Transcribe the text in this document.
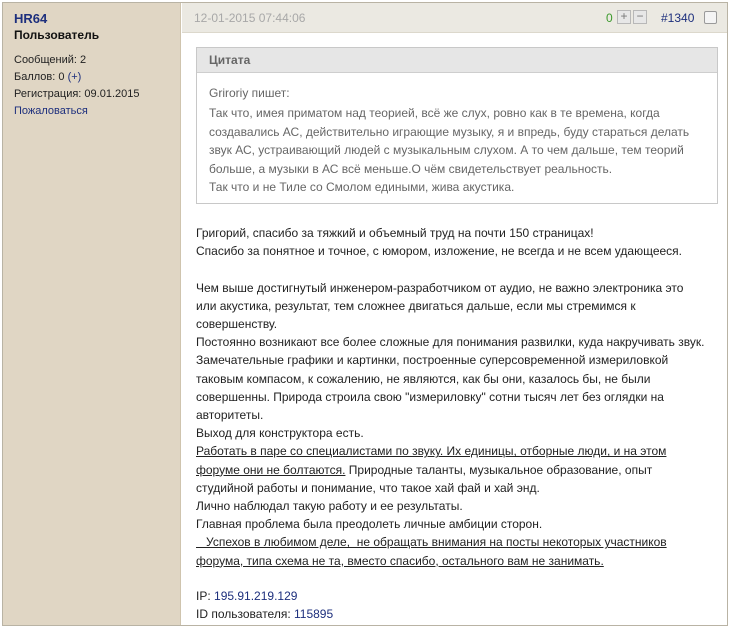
HR64
Пользователь
Сообщений: 2
Баллов: 0 (+)
Регистрация: 09.01.2015
Пожаловаться
12-01-2015 07:44:06	0 + − #1340
Цитата
Griroriy пишет:
Так что, имея приматом над теорией, всё же слух, ровно как в те времена, когда
создавались АС, действительно играющие музыку, я и впредь, буду стараться делать
звук АС, устраивающий людей с музыкальным слухом. А то чем дальше, тем теорий
больше, а музыки в АС всё меньше.О чём свидетельствует реальность.
Так что и не Тиле со Смолом едиными, жива акустика.
Григорий, спасибо за тяжкий и объемный труд на почти 150 страницах!
Спасибо за понятное и точное, с юмором, изложение, не всегда и не всем удающееся.
Чем выше достигнутый инженером-разработчиком от аудио, не важно электроника это
или акустика, результат, тем сложнее двигаться дальше, если мы стремимся к
совершенству.
Постоянно возникают все более сложные для понимания развилки, куда накручивать звук.
Замечательные графики и картинки, построенные суперсовременной измериловкой
таковым компасом, к сожалению, не являются, как бы они, казалось бы, не были
совершенны. Природа строила свою "измериловку" сотни тысяч лет без оглядки на
авторитеты.
Выход для конструктора есть.
Работать в паре со специалистами по звуку. Их единицы, отборные люди, и на этом
форуме они не болтаются. Природные таланты, музыкальное образование, опыт
студийной работы и понимание, что такое хай фай и хай энд.
Лично наблюдал такую работу и ее результаты.
Главная проблема была преодолеть личные амбиции сторон.
Успехов в любимом деле,  не обращать внимания на посты некоторых участников
форума, типа схема не та, вместо спасибо, остального вам не занимать.
IP: 195.91.219.129
ID пользователя: 115895
